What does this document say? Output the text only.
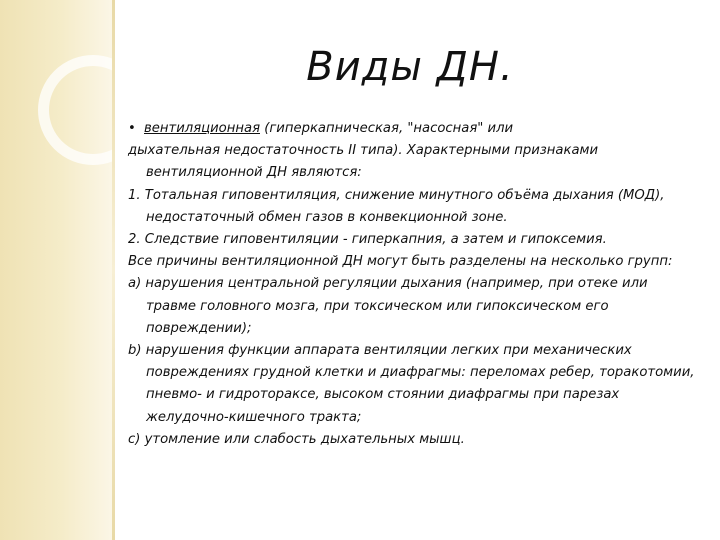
Виды ДН.

• вентиляционная (гиперкапническая, "насосная" или

дыхательная недостаточность II типа). Характерными признаками

вентиляционной ДН являются:

1. Тотальная гиповентиляция, снижение минутного объёма дыхания (МОД), недостаточный обмен газов в конвекционной зоне.

2. Следствие гиповентиляции - гиперкапния, а затем и гипоксемия.

Все причины вентиляционной ДН могут быть разделены на несколько групп:

a) нарушения центральной регуляции дыхания (например, при отеке или травме головного мозга, при токсическом или гипоксическом его повреждении);

b) нарушения функции аппарата вентиляции легких при механических повреждениях грудной клетки и диафрагмы: переломах ребер, торакотомии, пневмо- и гидротораксе, высоком стоянии диафрагмы при парезах желудочно-кишечного тракта;

c) утомление или слабость дыхательных мышц.
